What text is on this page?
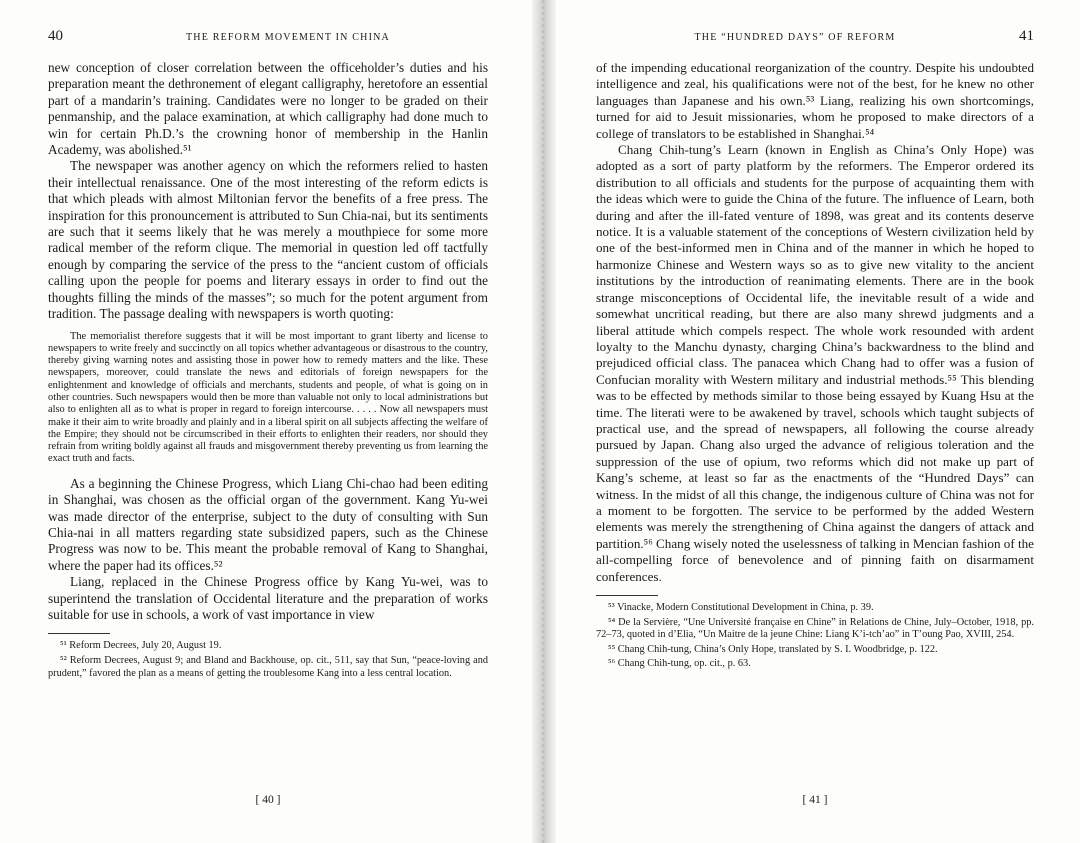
40	THE REFORM MOVEMENT IN CHINA

new conception of closer correlation between the officeholder’s duties and his preparation meant the dethronement of elegant calligraphy, heretofore an essential part of a mandarin’s training. Candidates were no longer to be graded on their penmanship, and the palace examination, at which calligraphy had done much to win for certain Ph.D.’s the crowning honor of membership in the Hanlin Academy, was abolished.⁵¹

The newspaper was another agency on which the reformers relied to hasten their intellectual renaissance. One of the most interesting of the reform edicts is that which pleads with almost Miltonian fervor the benefits of a free press. The inspiration for this pronouncement is attributed to Sun Chia-nai, but its sentiments are such that it seems likely that he was merely a mouthpiece for some more radical member of the reform clique. The memorial in question led off tactfully enough by comparing the service of the press to the “ancient custom of officials calling upon the people for poems and literary essays in order to find out the thoughts filling the minds of the masses”; so much for the potent argument from tradition. The passage dealing with newspapers is worth quoting:

The memorialist therefore suggests that it will be most important to grant liberty and license to newspapers to write freely and succinctly on all topics whether advantageous or disastrous to the country, thereby giving warning notes and assisting those in power how to remedy matters and the like. These newspapers, moreover, could translate the news and editorials of foreign newspapers for the enlightenment and knowledge of officials and merchants, students and people, of what is going on in other countries. Such newspapers would then be more than valuable not only to local administrations but also to enlighten all as to what is proper in regard to foreign intercourse. . . . . Now all newspapers must make it their aim to write broadly and plainly and in a liberal spirit on all subjects affecting the welfare of the Empire; they should not be circumscribed in their efforts to enlighten their readers, nor should they refrain from writing boldly against all frauds and misgovernment thereby preventing us from learning the exact truth and facts.

As a beginning the Chinese Progress, which Liang Chi-chao had been editing in Shanghai, was chosen as the official organ of the government. Kang Yu-wei was made director of the enterprise, subject to the duty of consulting with Sun Chia-nai in all matters regarding state subsidized papers, such as the Chinese Progress was now to be. This meant the probable removal of Kang to Shanghai, where the paper had its offices.⁵²

Liang, replaced in the Chinese Progress office by Kang Yu-wei, was to superintend the translation of Occidental literature and the preparation of works suitable for use in schools, a work of vast importance in view

⁵¹ Reform Decrees, July 20, August 19.

⁵² Reform Decrees, August 9; and Bland and Backhouse, op. cit., 511, say that Sun, “peace-loving and prudent,” favored the plan as a means of getting the troublesome Kang into a less central location.

[ 40 ]
THE “HUNDRED DAYS” OF REFORM	41

of the impending educational reorganization of the country. Despite his undoubted intelligence and zeal, his qualifications were not of the best, for he knew no other languages than Japanese and his own.⁵³ Liang, realizing his own shortcomings, turned for aid to Jesuit missionaries, whom he proposed to make directors of a college of translators to be established in Shanghai.⁵⁴

Chang Chih-tung’s Learn (known in English as China’s Only Hope) was adopted as a sort of party platform by the reformers. The Emperor ordered its distribution to all officials and students for the purpose of acquainting them with the ideas which were to guide the China of the future. The influence of Learn, both during and after the ill-fated venture of 1898, was great and its contents deserve notice. It is a valuable statement of the conceptions of Western civilization held by one of the best-informed men in China and of the manner in which he hoped to harmonize Chinese and Western ways so as to give new vitality to the ancient institutions by the introduction of reanimating elements. There are in the book strange misconceptions of Occidental life, the inevitable result of a wide and somewhat uncritical reading, but there are also many shrewd judgments and a liberal attitude which compels respect. The whole work resounded with ardent loyalty to the Manchu dynasty, charging China’s backwardness to the blind and prejudiced official class. The panacea which Chang had to offer was a fusion of Confucian morality with Western military and industrial methods.⁵⁵ This blending was to be effected by methods similar to those being essayed by Kuang Hsu at the time. The literati were to be awakened by travel, schools which taught subjects of practical use, and the spread of newspapers, all following the course already pursued by Japan. Chang also urged the advance of religious toleration and the suppression of the use of opium, two reforms which did not make up part of Kang’s scheme, at least so far as the enactments of the “Hundred Days” can witness. In the midst of all this change, the indigenous culture of China was not for a moment to be forgotten. The service to be performed by the added Western elements was merely the strengthening of China against the dangers of attack and partition.⁵⁶ Chang wisely noted the uselessness of talking in Mencian fashion of the all-compelling force of benevolence and of pinning faith on disarmament conferences.

⁵³ Vinacke, Modern Constitutional Development in China, p. 39.

⁵⁴ De la Servière, “Une Université française en Chine” in Relations de Chine, July–October, 1918, pp. 72–73, quoted in d’Elia, “Un Maitre de la jeune Chine: Liang K’i-tch’ao” in T’oung Pao, XVIII, 254.

⁵⁵ Chang Chih-tung, China’s Only Hope, translated by S. I. Woodbridge, p. 122.

⁵⁶ Chang Chih-tung, op. cit., p. 63.

[ 41 ]
